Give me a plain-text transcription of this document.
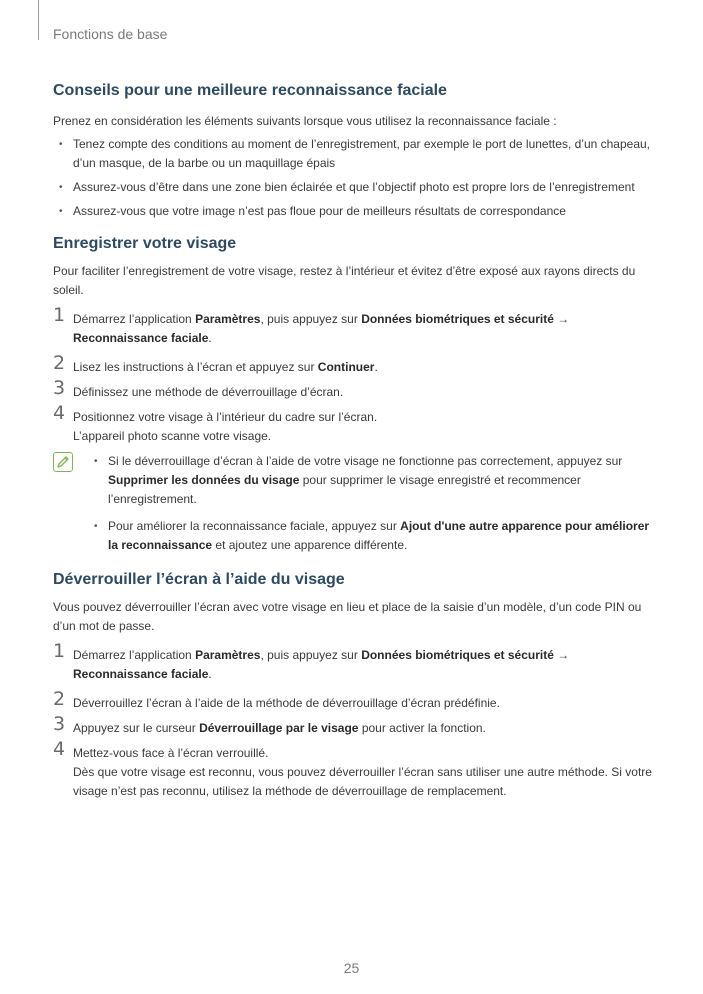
Fonctions de base
Conseils pour une meilleure reconnaissance faciale

Prenez en considération les éléments suivants lorsque vous utilisez la reconnaissance faciale :

• Tenez compte des conditions au moment de l’enregistrement, par exemple le port de lunettes, d’un chapeau, d’un masque, de la barbe ou un maquillage épais
• Assurez-vous d’être dans une zone bien éclairée et que l’objectif photo est propre lors de l’enregistrement
• Assurez-vous que votre image n’est pas floue pour de meilleurs résultats de correspondance
Enregistrer votre visage

Pour faciliter l’enregistrement de votre visage, restez à l’intérieur et évitez d’être exposé aux rayons directs du soleil.

1 Démarrez l’application Paramètres, puis appuyez sur Données biométriques et sécurité →
Reconnaissance faciale.
2 Lisez les instructions à l’écran et appuyez sur Continuer.
3 Définissez une méthode de déverrouillage d’écran.
4 Positionnez votre visage à l’intérieur du cadre sur l’écran.
L’appareil photo scanne votre visage.
• Si le déverrouillage d’écran à l’aide de votre visage ne fonctionne pas correctement, appuyez sur Supprimer les données du visage pour supprimer le visage enregistré et recommencer l’enregistrement.
• Pour améliorer la reconnaissance faciale, appuyez sur Ajout d'une autre apparence pour améliorer la reconnaissance et ajoutez une apparence différente.
Déverrouiller l’écran à l’aide du visage

Vous pouvez déverrouiller l’écran avec votre visage en lieu et place de la saisie d’un modèle, d’un code PIN ou d’un mot de passe.

1 Démarrez l’application Paramètres, puis appuyez sur Données biométriques et sécurité →
Reconnaissance faciale.
2 Déverrouillez l’écran à l’aide de la méthode de déverrouillage d’écran prédéfinie.
3 Appuyez sur le curseur Déverrouillage par le visage pour activer la fonction.
4 Mettez-vous face à l’écran verrouillé.
Dès que votre visage est reconnu, vous pouvez déverrouiller l’écran sans utiliser une autre méthode. Si votre visage n’est pas reconnu, utilisez la méthode de déverrouillage de remplacement.
25
